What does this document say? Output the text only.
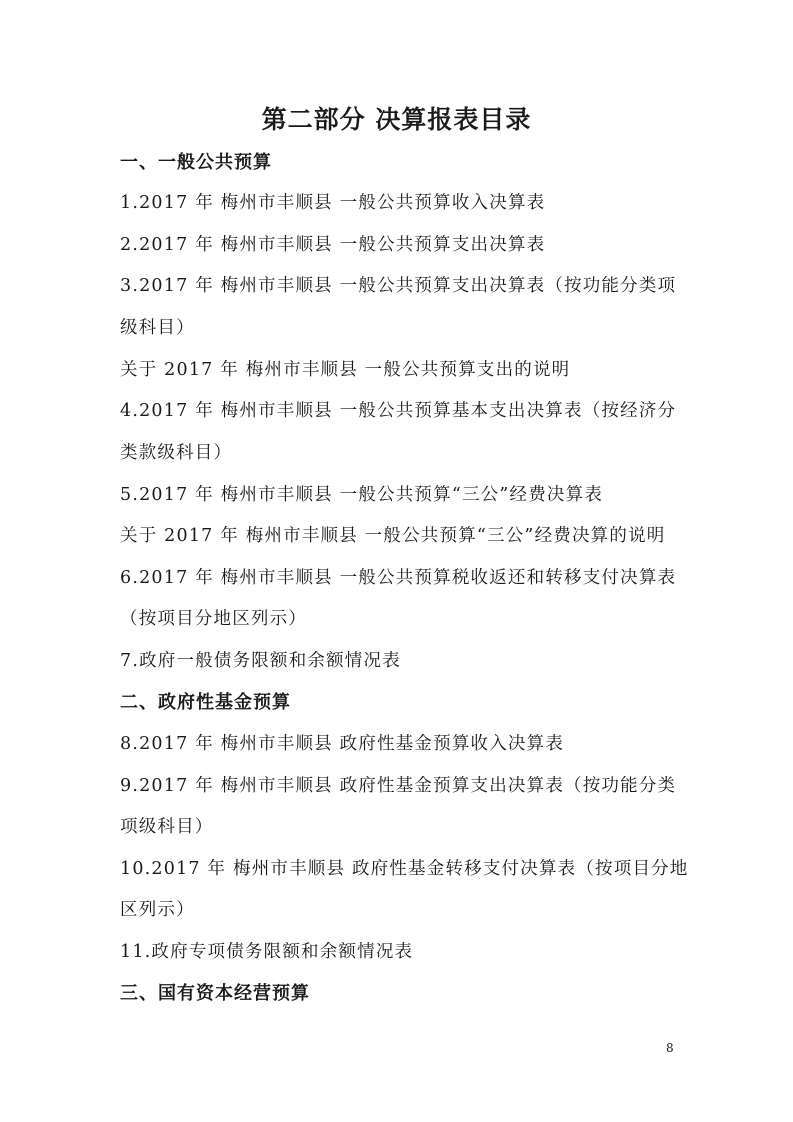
第二部分 决算报表目录
一、一般公共预算
1.2017 年 梅州市丰顺县 一般公共预算收入决算表
2.2017 年 梅州市丰顺县 一般公共预算支出决算表
3.2017 年 梅州市丰顺县 一般公共预算支出决算表（按功能分类项
级科目）
关于 2017 年 梅州市丰顺县 一般公共预算支出的说明
4.2017 年 梅州市丰顺县 一般公共预算基本支出决算表（按经济分
类款级科目）
5.2017 年 梅州市丰顺县 一般公共预算“三公”经费决算表
关于 2017 年 梅州市丰顺县 一般公共预算“三公”经费决算的说明
6.2017 年 梅州市丰顺县 一般公共预算税收返还和转移支付决算表
（按项目分地区列示）
7.政府一般债务限额和余额情况表
二、政府性基金预算
8.2017 年 梅州市丰顺县 政府性基金预算收入决算表
9.2017 年 梅州市丰顺县 政府性基金预算支出决算表（按功能分类
项级科目）
10.2017 年 梅州市丰顺县 政府性基金转移支付决算表（按项目分地
区列示）
11.政府专项债务限额和余额情况表
三、国有资本经营预算
8
